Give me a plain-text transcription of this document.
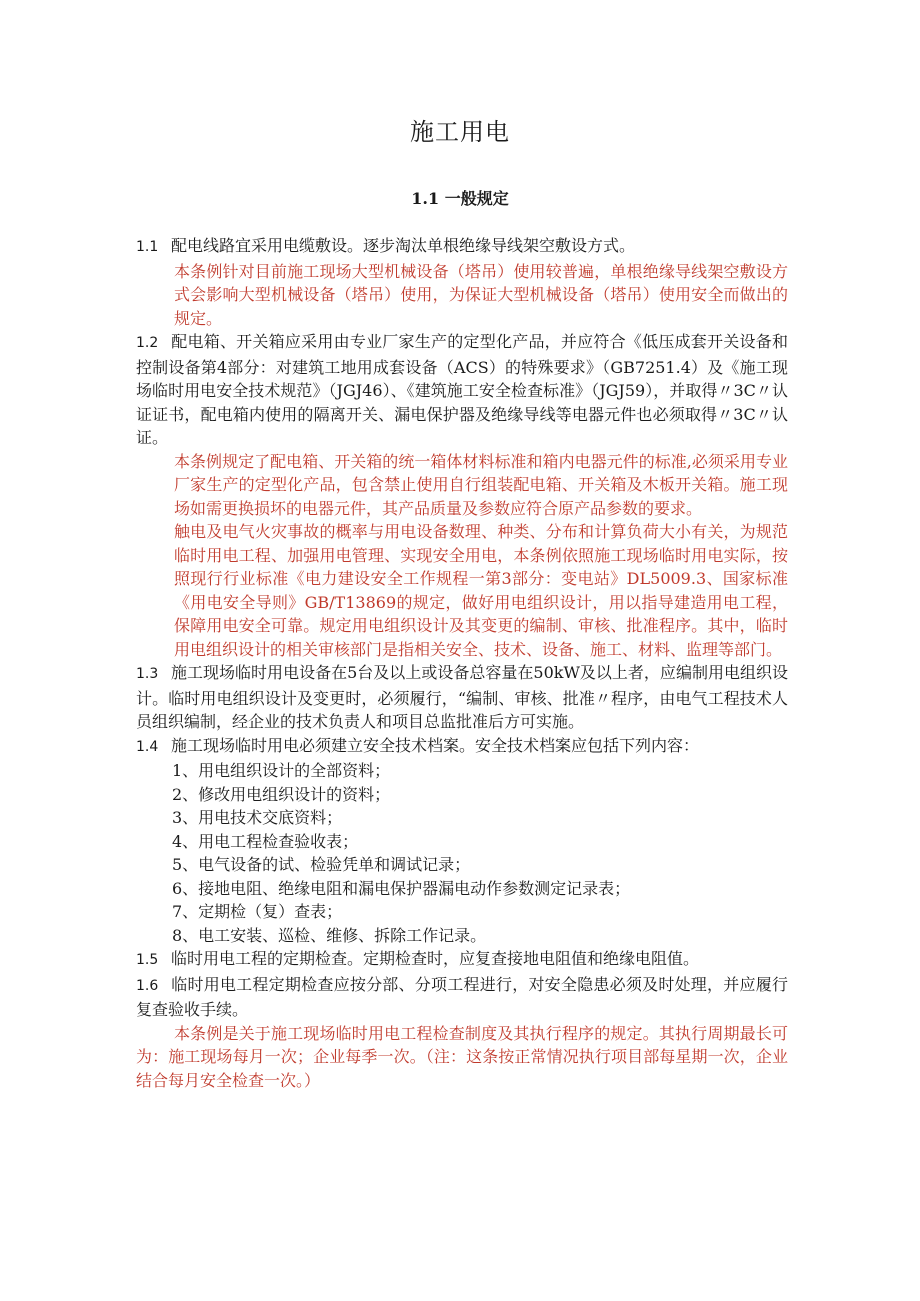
施工用电
1.1 一般规定

1.1 配电线路宜采用电缆敷设。逐步淘汰单根绝缘导线架空敷设方式。

本条例针对目前施工现场大型机械设备（塔吊）使用较普遍，单根绝缘导线架空敷设方式会影响大型机械设备（塔吊）使用，为保证大型机械设备（塔吊）使用安全而做出的规定。

1.2 配电箱、开关箱应采用由专业厂家生产的定型化产品，并应符合《低压成套开关设备和控制设备第4部分：对建筑工地用成套设备（ACS）的特殊要求》（GB7251.4）及《施工现场临时用电安全技术规范》（JGJ46）、《建筑施工安全检查标准》（JGJ59），并取得〃3C〃认证证书，配电箱内使用的隔离开关、漏电保护器及绝缘导线等电器元件也必须取得〃3C〃认证。

本条例规定了配电箱、开关箱的统一箱体材料标准和箱内电器元件的标准,必须采用专业厂家生产的定型化产品，包含禁止使用自行组装配电箱、开关箱及木板开关箱。施工现场如需更换损坏的电器元件，其产品质量及参数应符合原产品参数的要求。

触电及电气火灾事故的概率与用电设备数理、种类、分布和计算负荷大小有关，为规范临时用电工程、加强用电管理、实现安全用电，本条例依照施工现场临时用电实际，按照现行行业标准《电力建设安全工作规程一第3部分：变电站》DL5009.3、国家标准《用电安全导则》GB/T13869的规定，做好用电组织设计，用以指导建造用电工程，保障用电安全可靠。规定用电组织设计及其变更的编制、审核、批准程序。其中，临时用电组织设计的相关审核部门是指相关安全、技术、设备、施工、材料、监理等部门。

1.3 施工现场临时用电设备在5台及以上或设备总容量在50kW及以上者，应编制用电组织设计。临时用电组织设计及变更时，必须履行，“编制、审核、批准〃程序，由电气工程技术人员组织编制，经企业的技术负责人和项目总监批准后方可实施。

1.4 施工现场临时用电必须建立安全技术档案。安全技术档案应包括下列内容：

1、用电组织设计的全部资料；

2、修改用电组织设计的资料；

3、用电技术交底资料；

4、用电工程检查验收表；

5、电气设备的试、检验凭单和调试记录；

6、接地电阻、绝缘电阻和漏电保护器漏电动作参数测定记录表；

7、定期检（复）查表；

8、电工安装、巡检、维修、拆除工作记录。

1.5 临时用电工程的定期检查。定期检查时，应复查接地电阻值和绝缘电阻值。

1.6 临时用电工程定期检查应按分部、分项工程进行，对安全隐患必须及时处理，并应履行复查验收手续。

本条例是关于施工现场临时用电工程检查制度及其执行程序的规定。其执行周期最长可为：施工现场每月一次；企业每季一次。（注：这条按正常情况执行项目部每星期一次，企业结合每月安全检查一次。）
